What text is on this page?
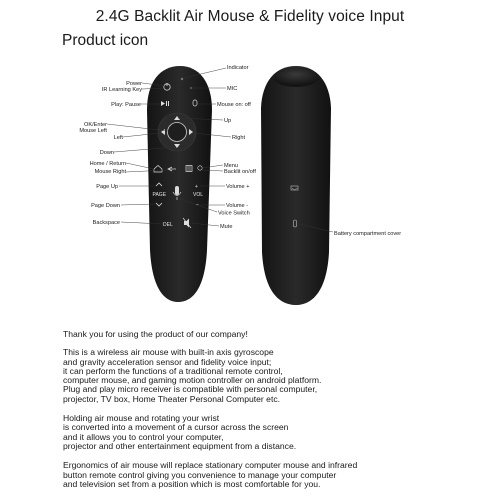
2.4G Backlit Air Mouse & Fidelity voice Input
Product icon
PAGE
+
VOL
−
DEL
Indicator
Power
IR Learning Key	MIC
Play: Pause	Mouse on: off
Up
OK/Enter
Mouse Left
Left	Right
Down
Home / Return
Mouse Right
Menu
Backlit on/off
Page Up	Volume +
Page Down	Volume -
Voice Switch
Backspace
Mute
Battery compartment cover
Thank you for using the product of our company!
This is a wireless air mouse with built-in axis gyroscope
and gravity acceleration sensor and fidelity voice input;
it can perform the functions of a traditional remote control,
computer mouse, and gaming motion controller on android platform.
Plug and play micro receiver is compatible with personal computer,
projector, TV box, Home Theater Personal Computer etc.
Holding air mouse and rotating your wrist
is converted into a movement of a cursor across the screen
and it allows you to control your computer,
projector and other entertainment equipment from a distance.
Ergonomics of air mouse will replace stationary computer mouse and infrared
button remote control giving you convenience to manage your computer
and television set from a position which is most comfortable for you.
